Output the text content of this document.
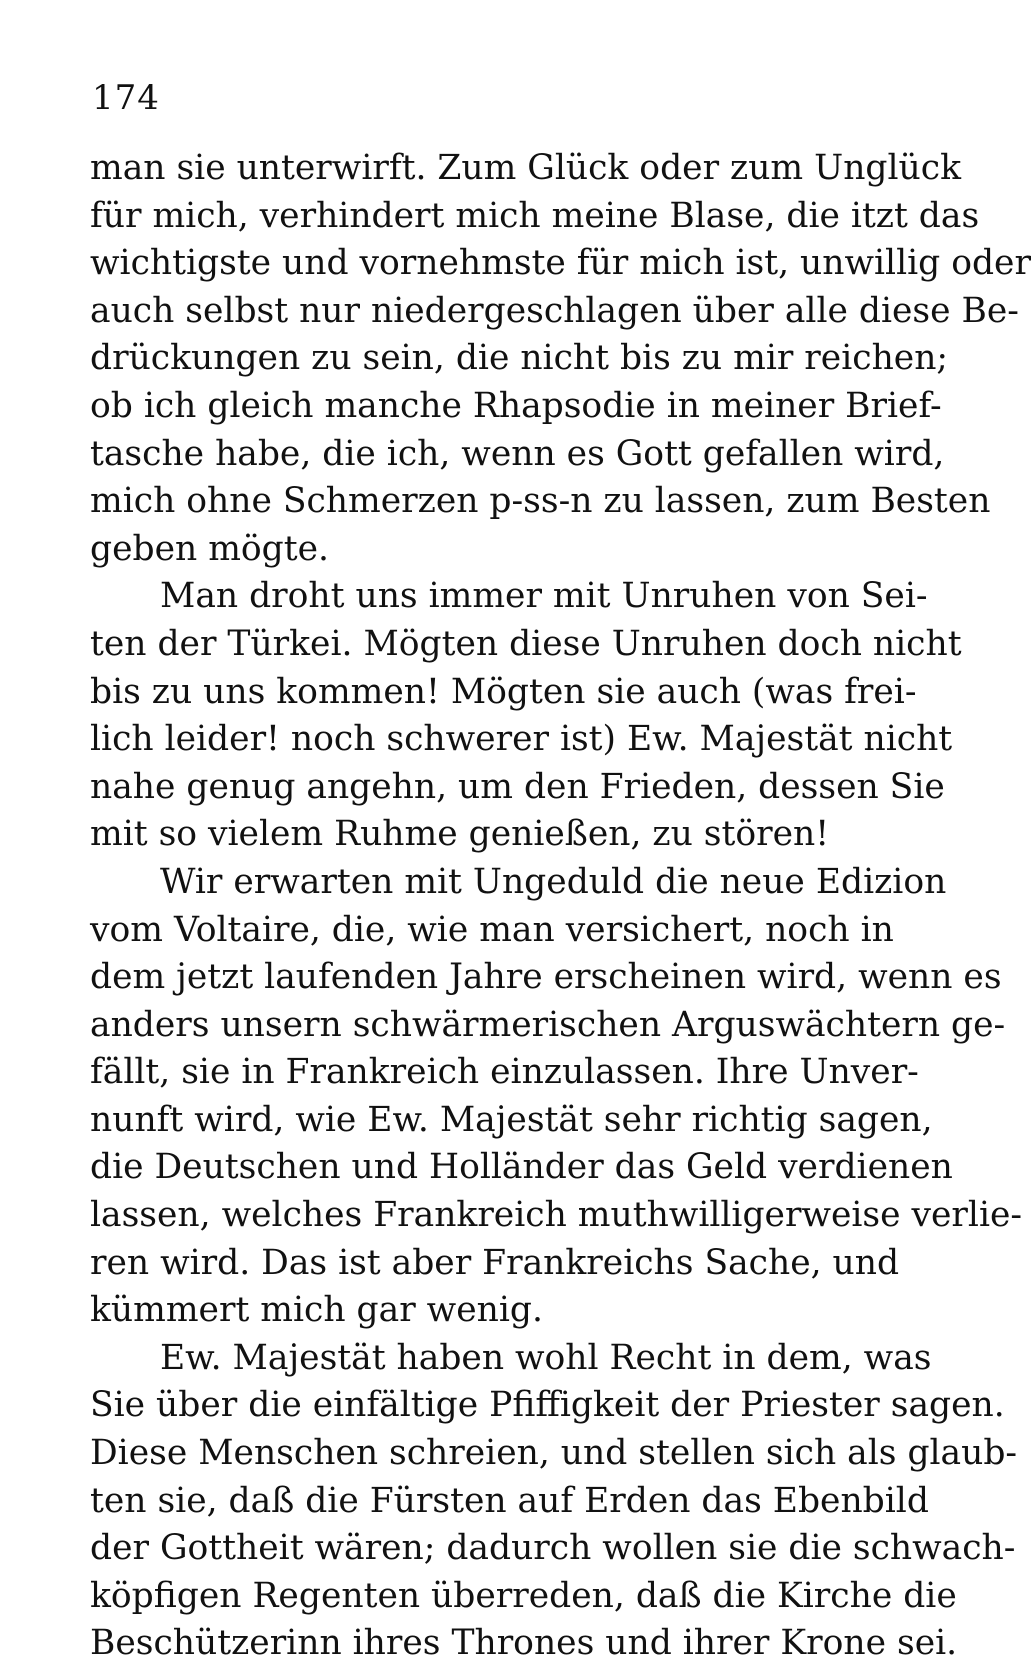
174
man sie unterwirft. Zum Glück oder zum Unglück
für mich, verhindert mich meine Blase, die itzt das
wichtigste und vornehmste für mich ist, unwillig oder
auch selbst nur niedergeschlagen über alle diese Be-
drückungen zu sein, die nicht bis zu mir reichen;
ob ich gleich manche Rhapsodie in meiner Brief-
tasche habe, die ich, wenn es Gott gefallen wird,
mich ohne Schmerzen p-ss-n zu lassen, zum Besten
geben mögte.
Man droht uns immer mit Unruhen von Sei-
ten der Türkei. Mögten diese Unruhen doch nicht
bis zu uns kommen! Mögten sie auch (was frei-
lich leider! noch schwerer ist) Ew. Majestät nicht
nahe genug angehn, um den Frieden, dessen Sie
mit so vielem Ruhme genießen, zu stören!
Wir erwarten mit Ungeduld die neue Edizion
vom Voltaire, die, wie man versichert, noch in
dem jetzt laufenden Jahre erscheinen wird, wenn es
anders unsern schwärmerischen Arguswächtern ge-
fällt, sie in Frankreich einzulassen. Ihre Unver-
nunft wird, wie Ew. Majestät sehr richtig sagen,
die Deutschen und Holländer das Geld verdienen
lassen, welches Frankreich muthwilligerweise verlie-
ren wird. Das ist aber Frankreichs Sache, und
kümmert mich gar wenig.
Ew. Majestät haben wohl Recht in dem, was
Sie über die einfältige Pfiffigkeit der Priester sagen.
Diese Menschen schreien, und stellen sich als glaub-
ten sie, daß die Fürsten auf Erden das Ebenbild
der Gottheit wären; dadurch wollen sie die schwach-
köpfigen Regenten überreden, daß die Kirche die
Beschützerinn ihres Thrones und ihrer Krone sei.
